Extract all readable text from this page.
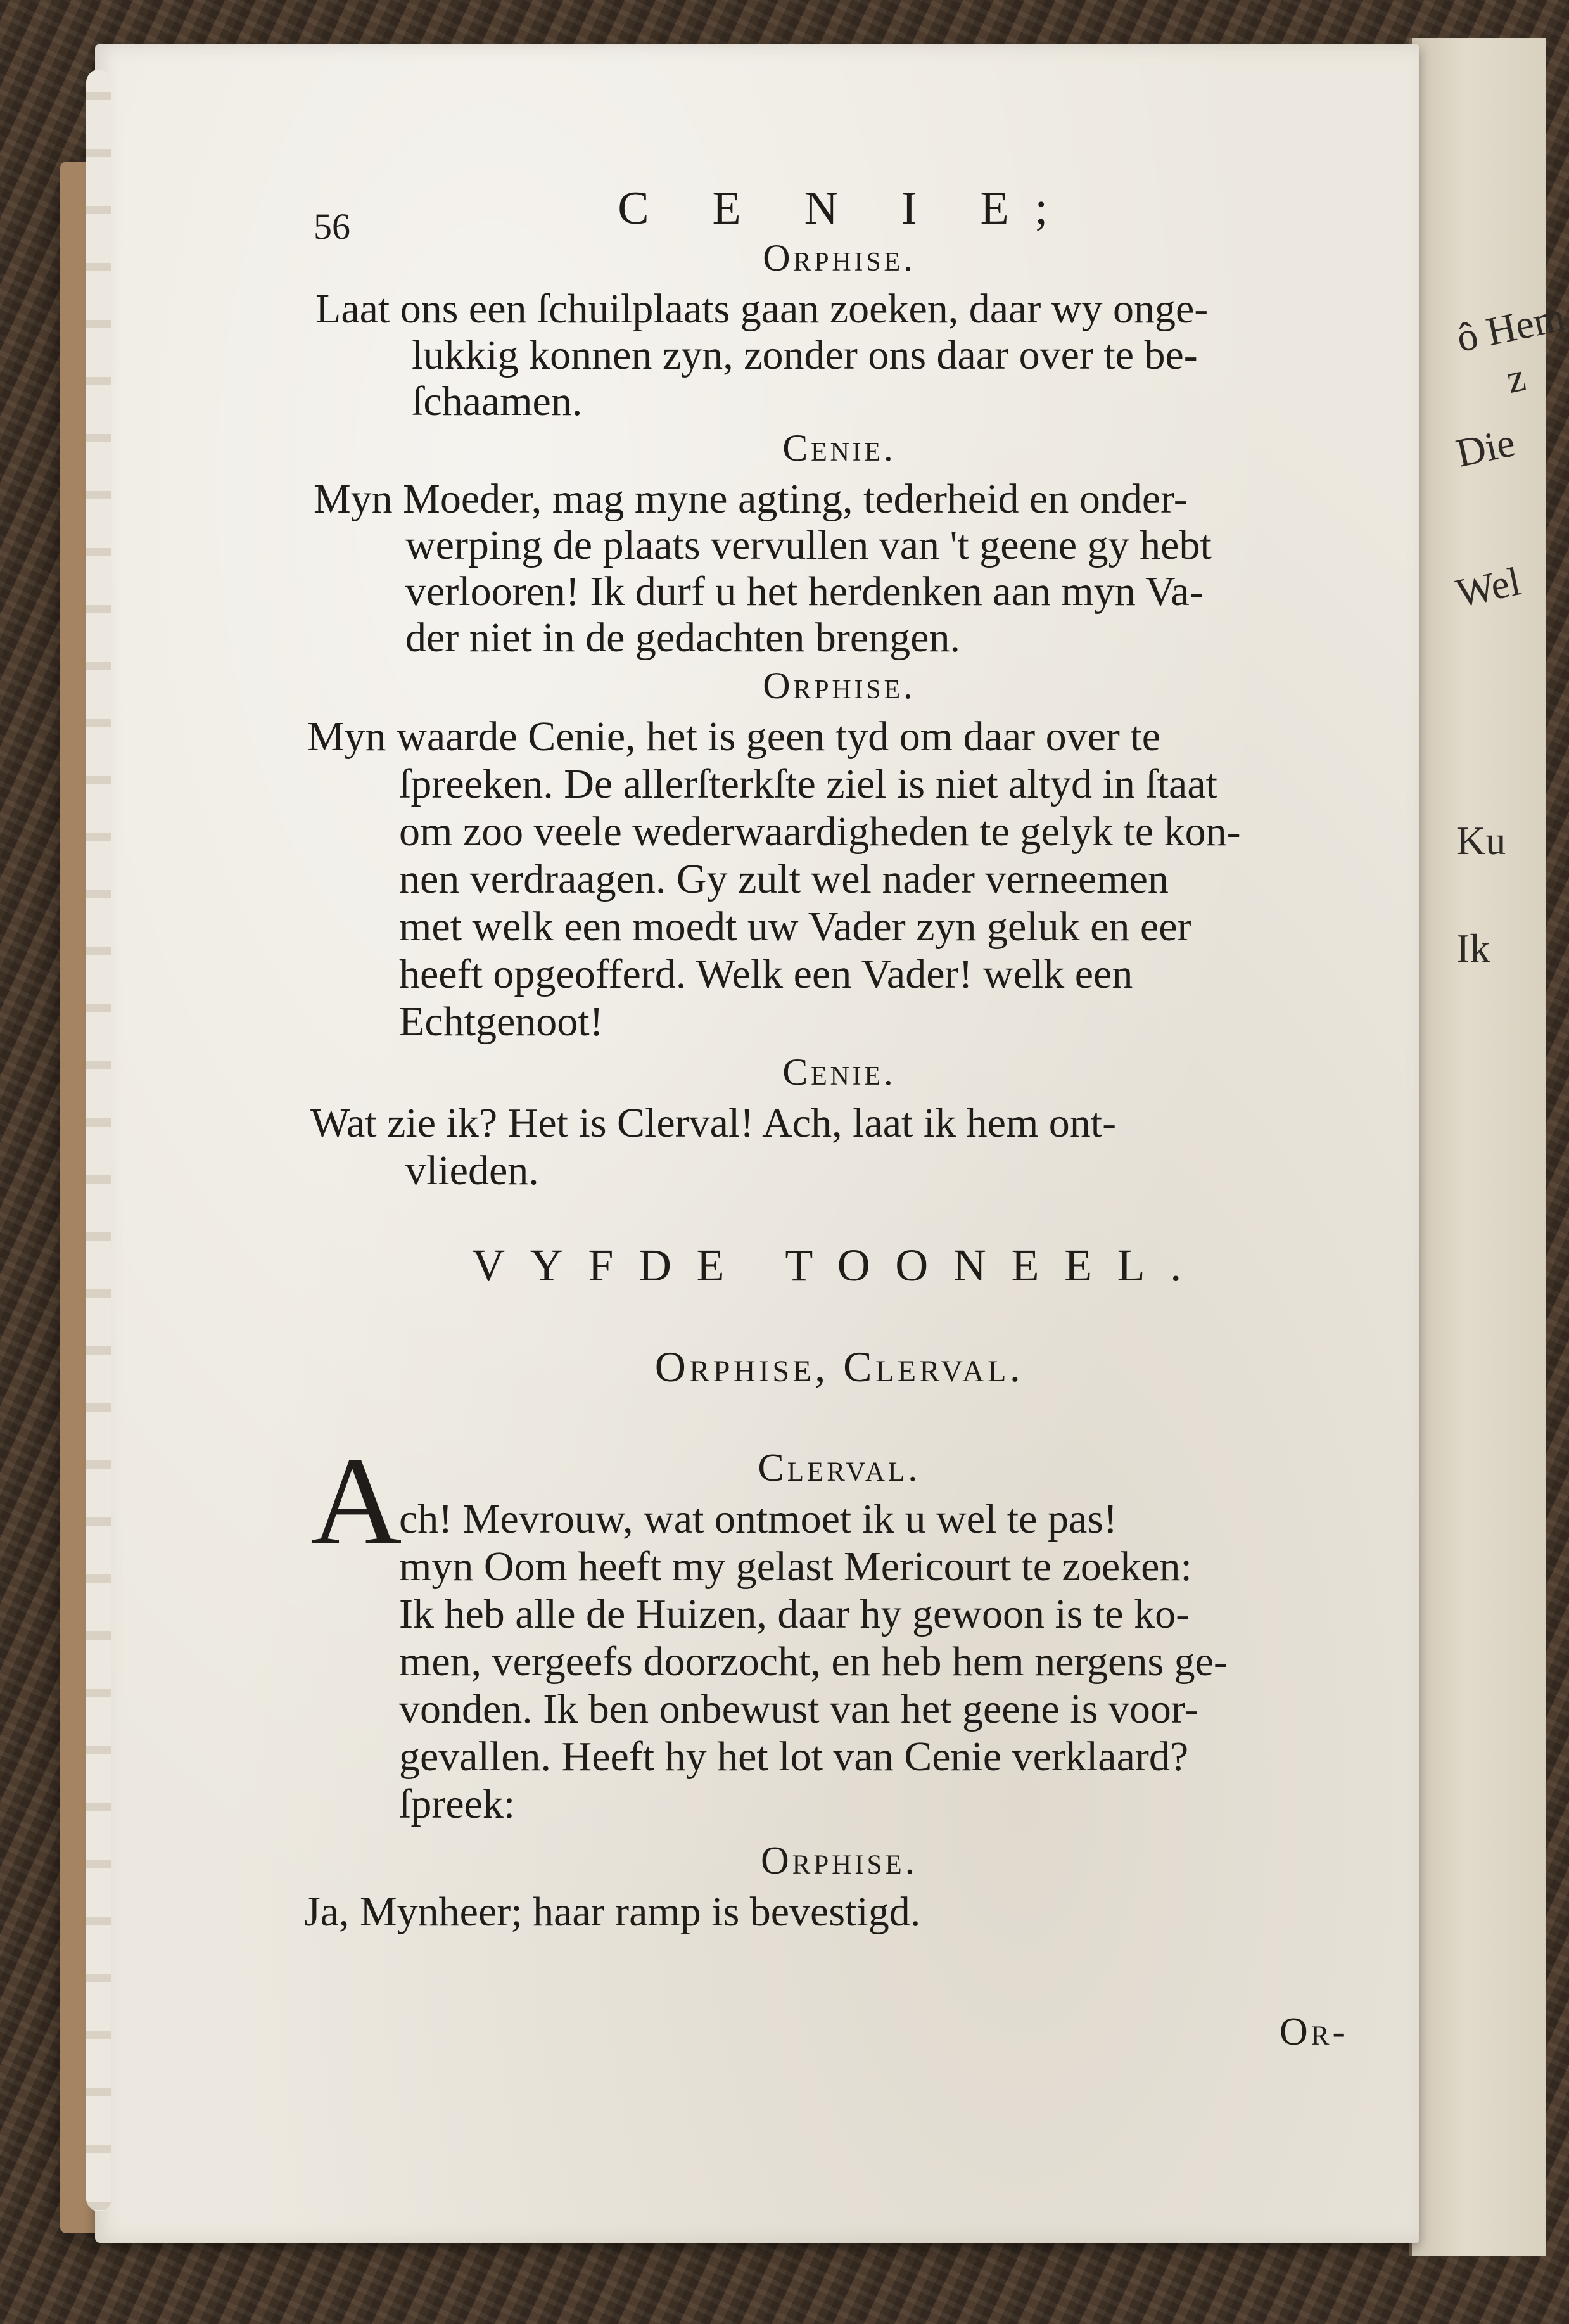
ô Hem
z
Die
Wel
Ku
Ik
56	C E N I E;
Orphise.
Laat ons een ſchuilplaats gaan zoeken, daar wy onge-
lukkig konnen zyn, zonder ons daar over te be-
ſchaamen.
Cenie.
Myn Moeder, mag myne agting, tederheid en onder-
werping de plaats vervullen van 't geene gy hebt
verlooren! Ik durf u het herdenken aan myn Va-
der niet in de gedachten brengen.
Orphise.
Myn waarde Cenie, het is geen tyd om daar over te
ſpreeken. De allerſterkſte ziel is niet altyd in ſtaat
om zoo veele wederwaardigheden te gelyk te kon-
nen verdraagen. Gy zult wel nader verneemen
met welk een moedt uw Vader zyn geluk en eer
heeft opgeofferd. Welk een Vader! welk een
Echtgenoot!
Cenie.
Wat zie ik? Het is Clerval! Ach, laat ik hem ont-
vlieden.
VYFDE TOONEEL.
Orphise, Clerval.
Clerval.
A
ch! Mevrouw, wat ontmoet ik u wel te pas!
myn Oom heeft my gelast Mericourt te zoeken:
Ik heb alle de Huizen, daar hy gewoon is te ko-
men, vergeefs doorzocht, en heb hem nergens ge-
vonden. Ik ben onbewust van het geene is voor-
gevallen. Heeft hy het lot van Cenie verklaard?
ſpreek:
Orphise.
Ja, Mynheer; haar ramp is bevestigd.
Or-
